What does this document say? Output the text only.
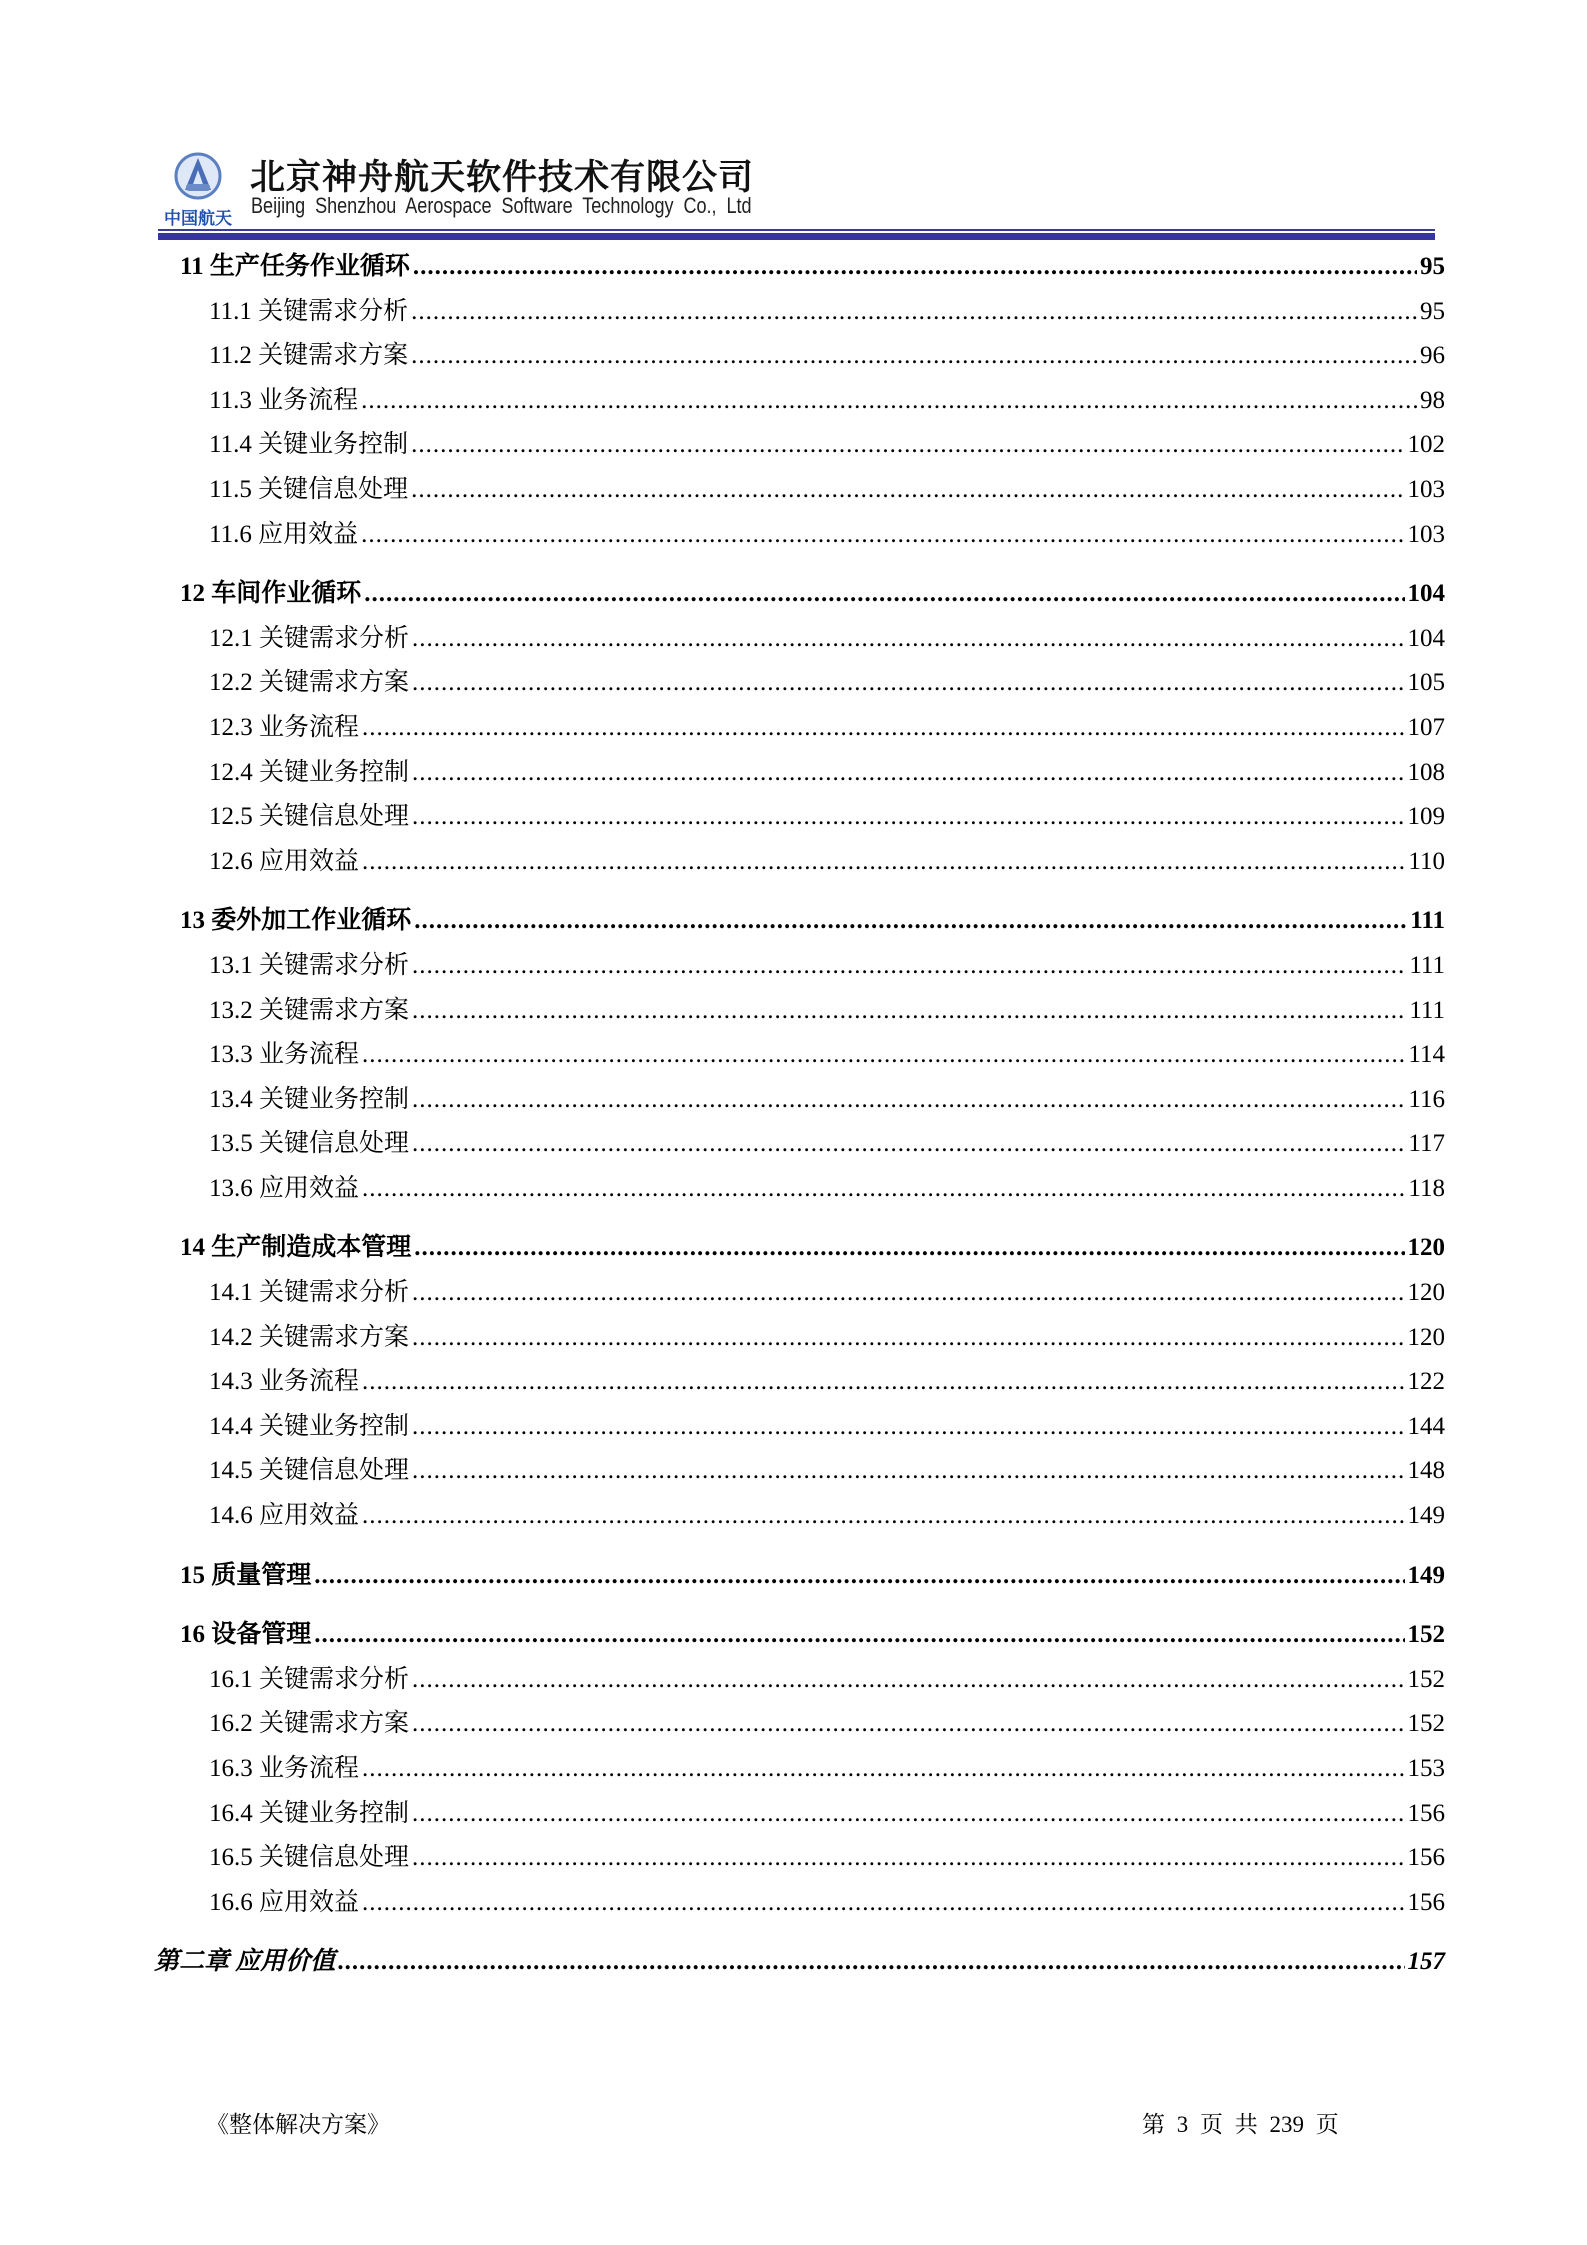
中国航天
北京神舟航天软件技术有限公司
Beijing Shenzhou Aerospace Software Technology Co., Ltd
11 生产任务作业循环 .....	95
11.1 关键需求分析 .....	95
11.2 关键需求方案 .....	96
11.3 业务流程 .....	98
11.4 关键业务控制 .....	102
11.5 关键信息处理 .....	103
11.6 应用效益 .....	103
12 车间作业循环 .....	104
12.1 关键需求分析 .....	104
12.2 关键需求方案 .....	105
12.3 业务流程 .....	107
12.4 关键业务控制 .....	108
12.5 关键信息处理 .....	109
12.6 应用效益 .....	110
13 委外加工作业循环 .....	111
13.1 关键需求分析 .....	111
13.2 关键需求方案 .....	111
13.3 业务流程 .....	114
13.4 关键业务控制 .....	116
13.5 关键信息处理 .....	117
13.6 应用效益 .....	118
14 生产制造成本管理 .....	120
14.1 关键需求分析 .....	120
14.2 关键需求方案 .....	120
14.3 业务流程 .....	122
14.4 关键业务控制 .....	144
14.5 关键信息处理 .....	148
14.6 应用效益 .....	149
15 质量管理 .....	149
16 设备管理 .....	152
16.1 关键需求分析 .....	152
16.2 关键需求方案 .....	152
16.3 业务流程 .....	153
16.4 关键业务控制 .....	156
16.5 关键信息处理 .....	156
16.6 应用效益 .....	156
第二章 应用价值 .....	157
《整体解决方案》	第 3 页 共 239 页
